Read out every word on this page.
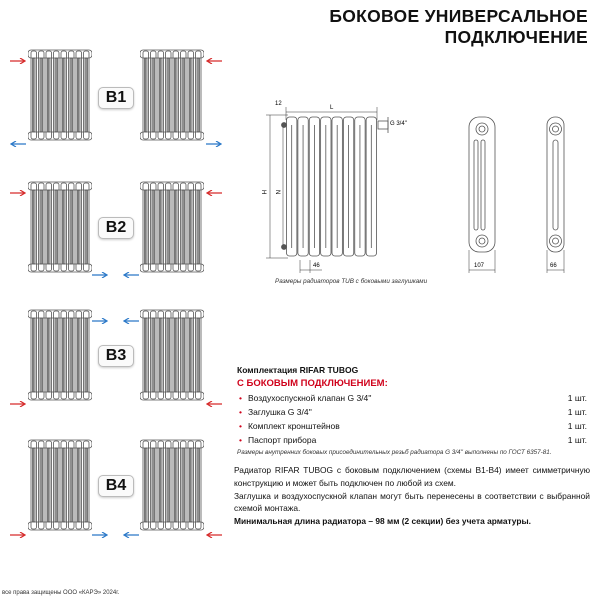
БОКОВОЕ УНИВЕРСАЛЬНОЕ
ПОДКЛЮЧЕНИЕ
B1
B2
B3
B4
12
L
G 3/4''
H N
46	107	66
Размеры радиаторов TUB с боковыми заглушками
Комплектация RIFAR TUBOG
С БОКОВЫМ ПОДКЛЮЧЕНИЕМ:
• Воздухоспускной клапан G 3/4''	1 шт.
• Заглушка G 3/4''	1 шт.
• Комплект кронштейнов	1 шт.
• Паспорт прибора	1 шт.
Размеры внутренних боковых присоединительных резьб радиатора G 3/4'' выполнены по ГОСТ 6357-81.
Радиатор RIFAR TUBOG с боковым подключением (схемы В1-В4) имеет симметричную конструкцию и может быть подключен по любой из схем.
Заглушка и воздухоспускной клапан могут быть перенесены в соответствии с выбранной схемой монтажа.
Минимальная длина радиатора – 98 мм (2 секции) без учета арматуры.
все права защищены ООО «КАРЭ» 2024г.
